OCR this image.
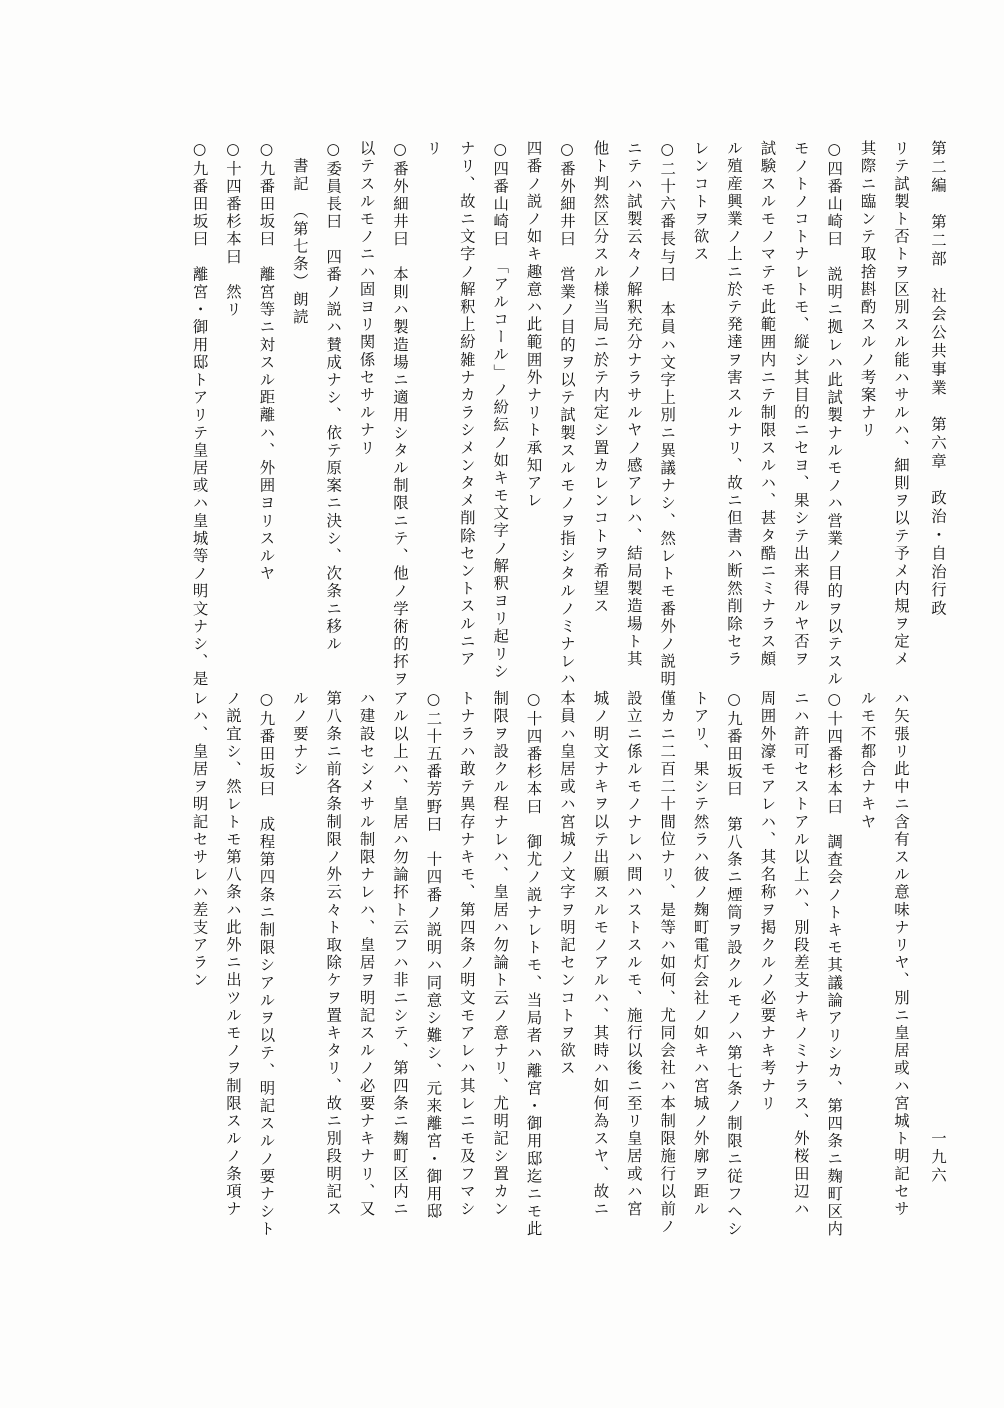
第二編　第二部　社会公共事業　第六章　政治・自治行政
一九六
リテ試製ト否トヲ区別スル能ハサルハ、細則ヲ以テ予メ内規ヲ定メ
其際ニ臨ンテ取捨斟酌スルノ考案ナリ
○四番山崎曰　説明ニ拠レハ此試製ナルモノハ営業ノ目的ヲ以テスル
モノトノコトナレトモ、縦シ其目的ニセヨ、果シテ出来得ルヤ否ヲ
試験スルモノマテモ此範囲内ニテ制限スルハ、甚タ酷ニミナラス頗
ル殖産興業ノ上ニ於テ発達ヲ害スルナリ、故ニ但書ハ断然削除セラ
レンコトヲ欲ス
○二十六番長与曰　本員ハ文字上別ニ異議ナシ、然レトモ番外ノ説明
ニテハ試製云々ノ解釈充分ナラサルヤノ感アレハ、結局製造場ト其
他ト判然区分スル様当局ニ於テ内定シ置カレンコトヲ希望ス
○番外細井曰　営業ノ目的ヲ以テ試製スルモノヲ指シタルノミナレハ
四番ノ説ノ如キ趣意ハ此範囲外ナリト承知アレ
○四番山崎曰　「アルコール」ノ紛紜ノ如キモ文字ノ解釈ヨリ起リシ
ナリ、故ニ文字ノ解釈上紛雑ナカラシメンタメ削除セントスルニア
リ
○番外細井曰　本則ハ製造場ニ適用シタル制限ニテ、他ノ学術的抔ヲ
以テスルモノニハ固ヨリ関係セサルナリ
○委員長曰　四番ノ説ハ賛成ナシ、依テ原案ニ決シ、次条ニ移ル
　書記　（第七条）朗読
○九番田坂曰　離宮等ニ対スル距離ハ、外囲ヨリスルヤ
○十四番杉本曰　然リ
○九番田坂曰　離宮・御用邸トアリテ皇居或ハ皇城等ノ明文ナシ、是
ハ矢張リ此中ニ含有スル意味ナリヤ、別ニ皇居或ハ宮城ト明記セサ
ルモ不都合ナキヤ
○十四番杉本曰　調査会ノトキモ其議論アリシカ、第四条ニ麹町区内
ニハ許可セストアル以上ハ、別段差支ナキノミナラス、外桜田辺ハ
周囲外濠モアレハ、其名称ヲ掲クルノ必要ナキ考ナリ
○九番田坂曰　第八条ニ煙筒ヲ設クルモノハ第七条ノ制限ニ従フヘシ
トアリ、果シテ然ラハ彼ノ麹町電灯会社ノ如キハ宮城ノ外廓ヲ距ル
僅カニ二百二十間位ナリ、是等ハ如何、尤同会社ハ本制限施行以前ノ
設立ニ係ルモノナレハ問ハストスルモ、施行以後ニ至リ皇居或ハ宮
城ノ明文ナキヲ以テ出願スルモノアルハ、其時ハ如何為スヤ、故ニ
本員ハ皇居或ハ宮城ノ文字ヲ明記センコトヲ欲ス
○十四番杉本曰　御尤ノ説ナレトモ、当局者ハ離宮・御用邸迄ニモ此
制限ヲ設クル程ナレハ、皇居ハ勿論ト云ノ意ナリ、尤明記シ置カン
トナラハ敢テ異存ナキモ、第四条ノ明文モアレハ其レニモ及フマシ
○二十五番芳野曰　十四番ノ説明ハ同意シ難シ、元来離宮・御用邸
アル以上ハ、皇居ハ勿論抔ト云フハ非ニシテ、第四条ニ麹町区内ニ
ハ建設セシメサル制限ナレハ、皇居ヲ明記スルノ必要ナキナリ、又
第八条ニ前各条制限ノ外云々ト取除ケヲ置キタリ、故ニ別段明記ス
ルノ要ナシ
○九番田坂曰　成程第四条ニ制限シアルヲ以テ、明記スルノ要ナシト
ノ説宜シ、然レトモ第八条ハ此外ニ出ツルモノヲ制限スルノ条項ナ
レハ、皇居ヲ明記セサレハ差支アラン
